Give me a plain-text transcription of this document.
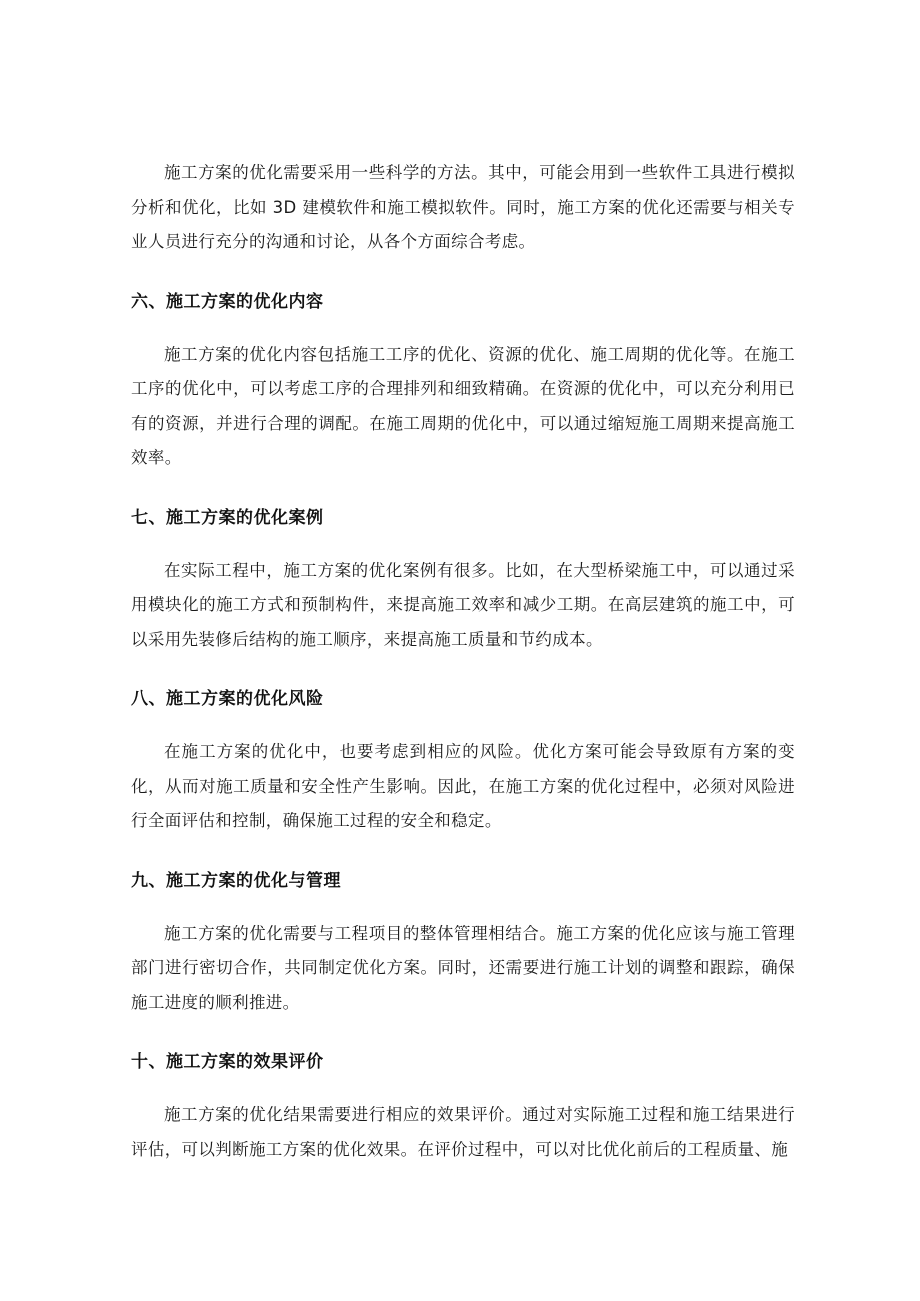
施工方案的优化需要采用一些科学的方法。其中，可能会用到一些软件工具进行模拟分析和优化，比如 3D 建模软件和施工模拟软件。同时，施工方案的优化还需要与相关专业人员进行充分的沟通和讨论，从各个方面综合考虑。

六、施工方案的优化内容

施工方案的优化内容包括施工工序的优化、资源的优化、施工周期的优化等。在施工工序的优化中，可以考虑工序的合理排列和细致精确。在资源的优化中，可以充分利用已有的资源，并进行合理的调配。在施工周期的优化中，可以通过缩短施工周期来提高施工效率。

七、施工方案的优化案例

在实际工程中，施工方案的优化案例有很多。比如，在大型桥梁施工中，可以通过采用模块化的施工方式和预制构件，来提高施工效率和减少工期。在高层建筑的施工中，可以采用先装修后结构的施工顺序，来提高施工质量和节约成本。

八、施工方案的优化风险

在施工方案的优化中，也要考虑到相应的风险。优化方案可能会导致原有方案的变化，从而对施工质量和安全性产生影响。因此，在施工方案的优化过程中，必须对风险进行全面评估和控制，确保施工过程的安全和稳定。

九、施工方案的优化与管理

施工方案的优化需要与工程项目的整体管理相结合。施工方案的优化应该与施工管理部门进行密切合作，共同制定优化方案。同时，还需要进行施工计划的调整和跟踪，确保施工进度的顺利推进。

十、施工方案的效果评价

施工方案的优化结果需要进行相应的效果评价。通过对实际施工过程和施工结果进行评估，可以判断施工方案的优化效果。在评价过程中，可以对比优化前后的工程质量、施
